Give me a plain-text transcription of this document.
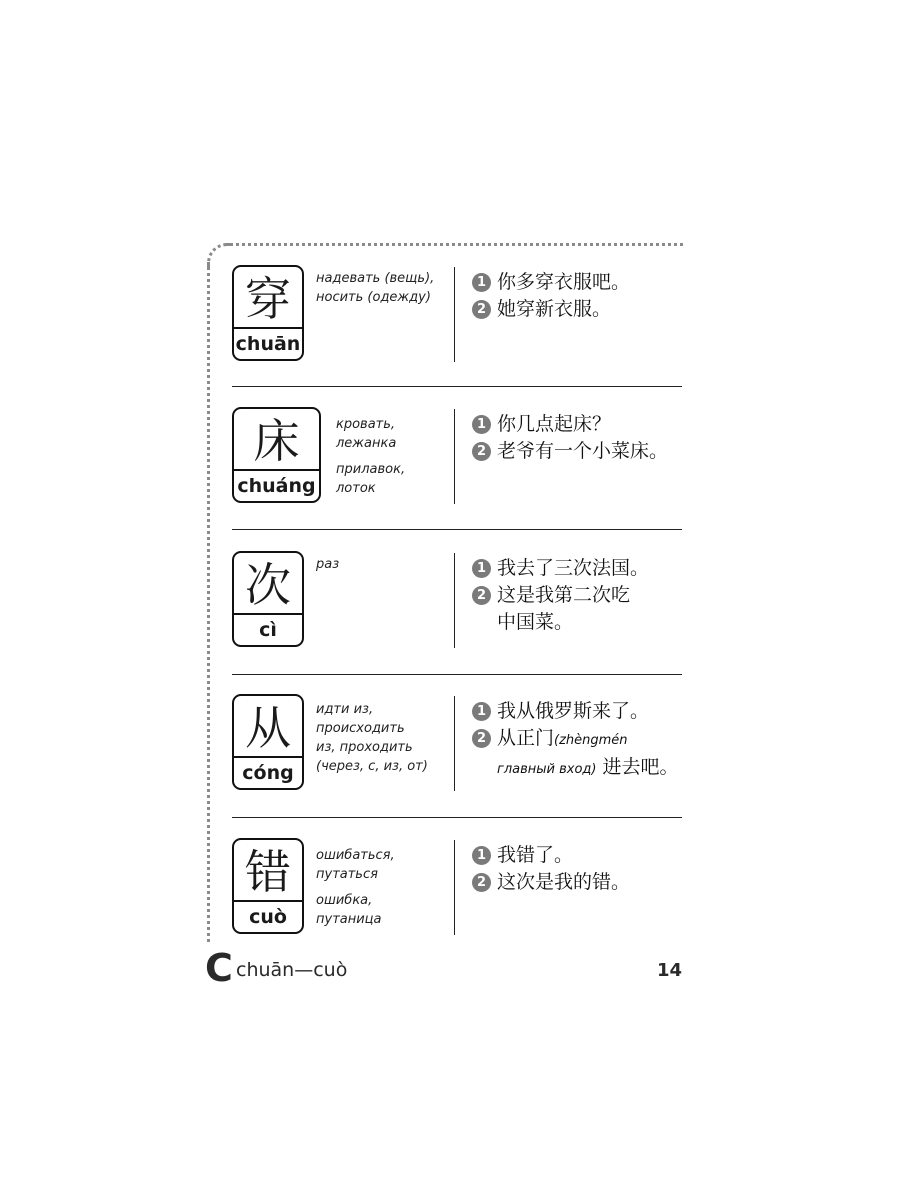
穿
chuān
надевать (вещь),
носить (одежду)
1 你多穿衣服吧。
2 她穿新衣服。
床
chuáng
кровать,
лежанка
прилавок,
лоток
1 你几点起床？
2 老爷有一个小菜床。
次
cì
раз	1 我去了三次法国。
2 这是我第二次吃
中国菜。
从
cóng
идти из,
происходить
из, проходить
(через, с, из, от)
1 我从俄罗斯来了。
2 从正门(zhèngmén
главный вход) 进去吧。
错
cuò
ошибаться,
путаться
ошибка,
путаница
1 我错了。
2 这次是我的错。
C chuān—cuò	14
